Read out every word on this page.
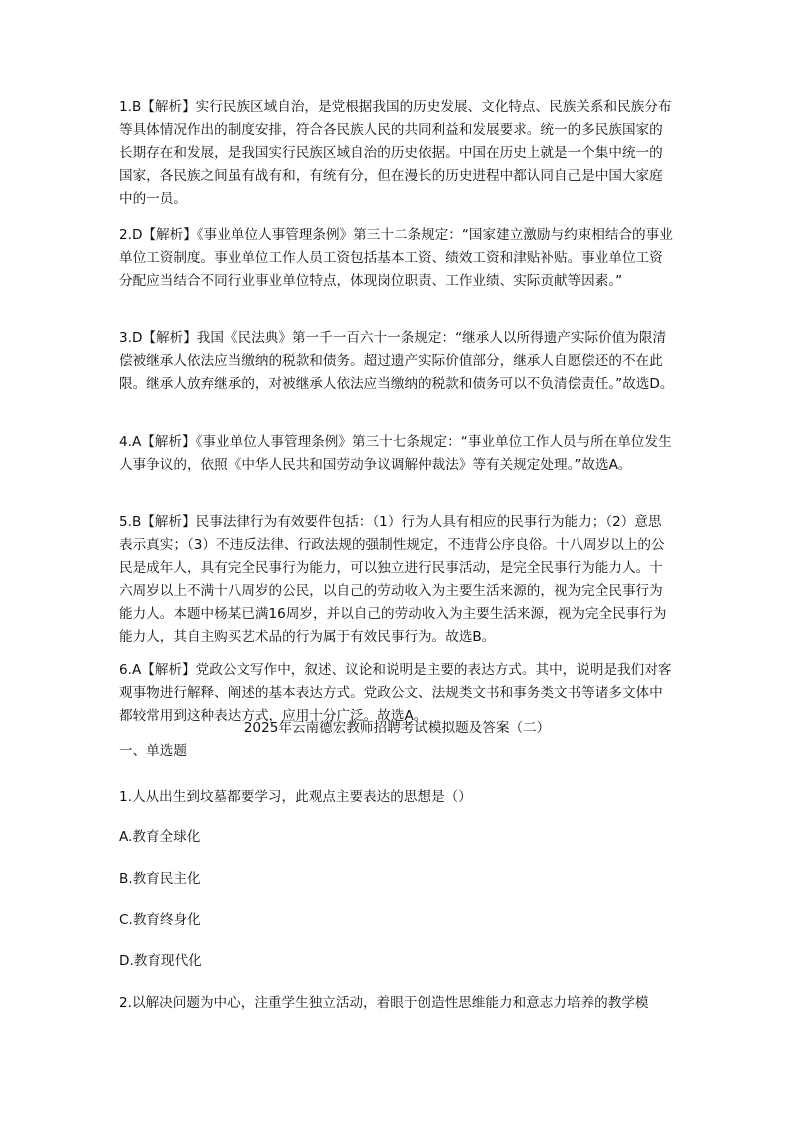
1.B【解析】实行民族区域自治，是党根据我国的历史发展、文化特点、民族关系和民族分布等具体情况作出的制度安排，符合各民族人民的共同利益和发展要求。统一的多民族国家的长期存在和发展，是我国实行民族区域自治的历史依据。中国在历史上就是一个集中统一的国家，各民族之间虽有战有和，有统有分，但在漫长的历史进程中都认同自己是中国大家庭中的一员。

2.D【解析】《事业单位人事管理条例》第三十二条规定：“国家建立激励与约束相结合的事业单位工资制度。事业单位工作人员工资包括基本工资、绩效工资和津贴补贴。事业单位工资分配应当结合不同行业事业单位特点，体现岗位职责、工作业绩、实际贡献等因素。”

3.D【解析】我国《民法典》第一千一百六十一条规定：“继承人以所得遗产实际价值为限清偿被继承人依法应当缴纳的税款和债务。超过遗产实际价值部分，继承人自愿偿还的不在此限。继承人放弃继承的，对被继承人依法应当缴纳的税款和债务可以不负清偿责任。”故选D。

4.A【解析】《事业单位人事管理条例》第三十七条规定：“事业单位工作人员与所在单位发生人事争议的，依照《中华人民共和国劳动争议调解仲裁法》等有关规定处理。”故选A。

5.B【解析】民事法律行为有效要件包括：（1）行为人具有相应的民事行为能力；（2）意思表示真实；（3）不违反法律、行政法规的强制性规定，不违背公序良俗。十八周岁以上的公民是成年人，具有完全民事行为能力，可以独立进行民事活动，是完全民事行为能力人。十六周岁以上不满十八周岁的公民，以自己的劳动收入为主要生活来源的，视为完全民事行为能力人。本题中杨某已满16周岁，并以自己的劳动收入为主要生活来源，视为完全民事行为能力人，其自主购买艺术品的行为属于有效民事行为。故选B。

6.A【解析】党政公文写作中，叙述、议论和说明是主要的表达方式。其中，说明是我们对客观事物进行解释、阐述的基本表达方式。党政公文、法规类文书和事务类文书等诸多文体中都较常用到这种表达方式，应用十分广泛。故选A。

2025年云南德宏教师招聘考试模拟题及答案（二）

一、单选题

1.人从出生到坟墓都要学习，此观点主要表达的思想是（）

A.教育全球化

B.教育民主化

C.教育终身化

D.教育现代化

2.以解决问题为中心，注重学生独立活动，着眼于创造性思维能力和意志力培养的教学模
